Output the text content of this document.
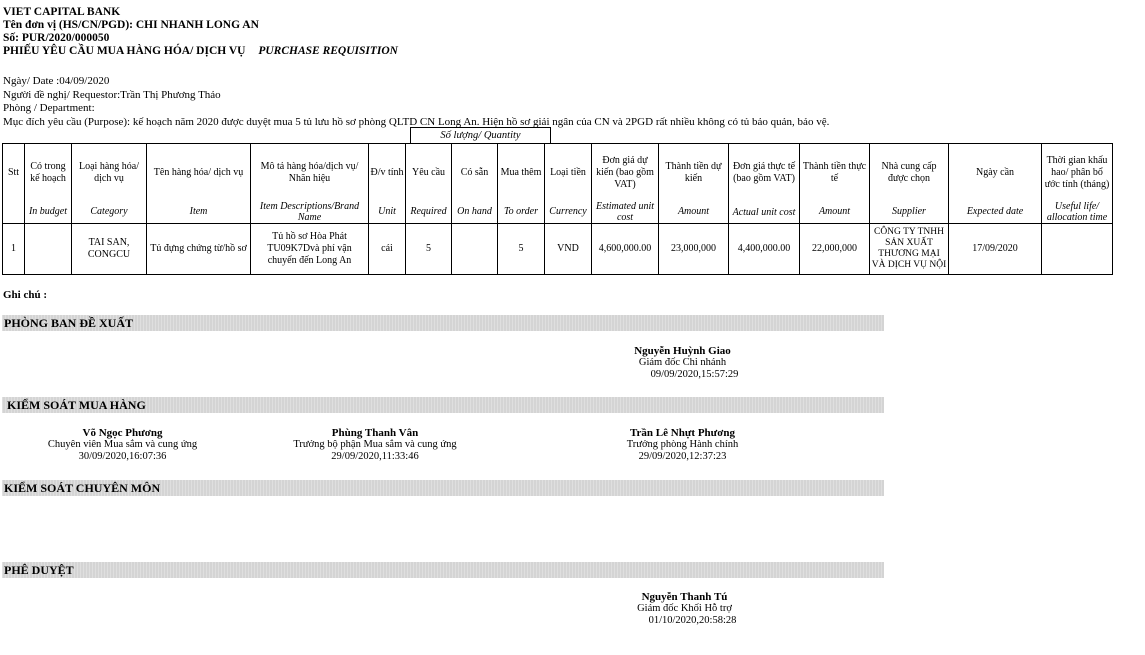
VIET CAPITAL BANK
Tên đơn vị (HS/CN/PGD): CHI NHANH LONG AN
Số: PUR/2020/000050
PHIẾU YÊU CẦU MUA HÀNG HÓA/ DỊCH VỤ PURCHASE REQUISITION
Ngày/ Date :04/09/2020
Người đề nghị/ Requestor:Trần Thị Phương Thảo
Phòng / Department:
Mục đích yêu cầu (Purpose): kế hoạch năm 2020 được duyệt mua 5 tủ lưu hồ sơ phòng QLTD CN Long An. Hiện hồ sơ giải ngân của CN và 2PGD rất nhiều không có tủ bảo quản, bảo vệ.
Số lượng/ Quantity
Stt	Có trong kế hoạch	Loại hàng hóa/ dịch vụ	Tên hàng hóa/ dịch vụ	Mô tả hàng hóa/dịch vụ/ Nhãn hiệu	Đ/v tính	Yêu cầu	Có sẵn	Mua thêm	Loại tiền	Đơn giá dự kiến (bao gồm VAT)	Thành tiền dự kiến	Đơn giá thực tế (bao gồm VAT)	Thành tiền thực tế	Nhà cung cấp được chọn	Ngày cần	Thời gian khấu hao/ phân bổ ước tính (tháng)
	In budget	Category	Item	Item Descriptions/Brand Name	Unit	Required	On hand	To order	Currency	Estimated unit cost	Amount	Actual unit cost	Amount	Supplier	Expected date	Useful life/ allocation time
1		TAI SAN, CONGCU	Tủ đựng chứng từ/hồ sơ	Tủ hồ sơ Hòa Phát TU09K7Dvà phí vận chuyển đến Long An	cái	5		5	VND	4,600,000.00	23,000,000	4,400,000.00	22,000,000	CÔNG TY TNHH SẢN XUẤT THƯƠNG MẠI VÀ DỊCH VỤ NỘI	17/09/2020	
Ghi chú :
PHÒNG BAN ĐỀ XUẤT
Nguyễn Huỳnh Giao
Giám đốc Chi nhánh
09/09/2020,15:57:29
KIỂM SOÁT MUA HÀNG
Võ Ngọc Phương
Chuyên viên Mua sắm và cung ứng
30/09/2020,16:07:36
Phùng Thanh Vân
Trưởng bộ phận Mua sắm và cung ứng
29/09/2020,11:33:46
Trần Lê Nhựt Phương
Trưởng phòng Hành chính
29/09/2020,12:37:23
KIỂM SOÁT CHUYÊN MÔN
PHÊ DUYỆT
Nguyễn Thanh Tú
Giám đốc Khối Hỗ trợ
01/10/2020,20:58:28
